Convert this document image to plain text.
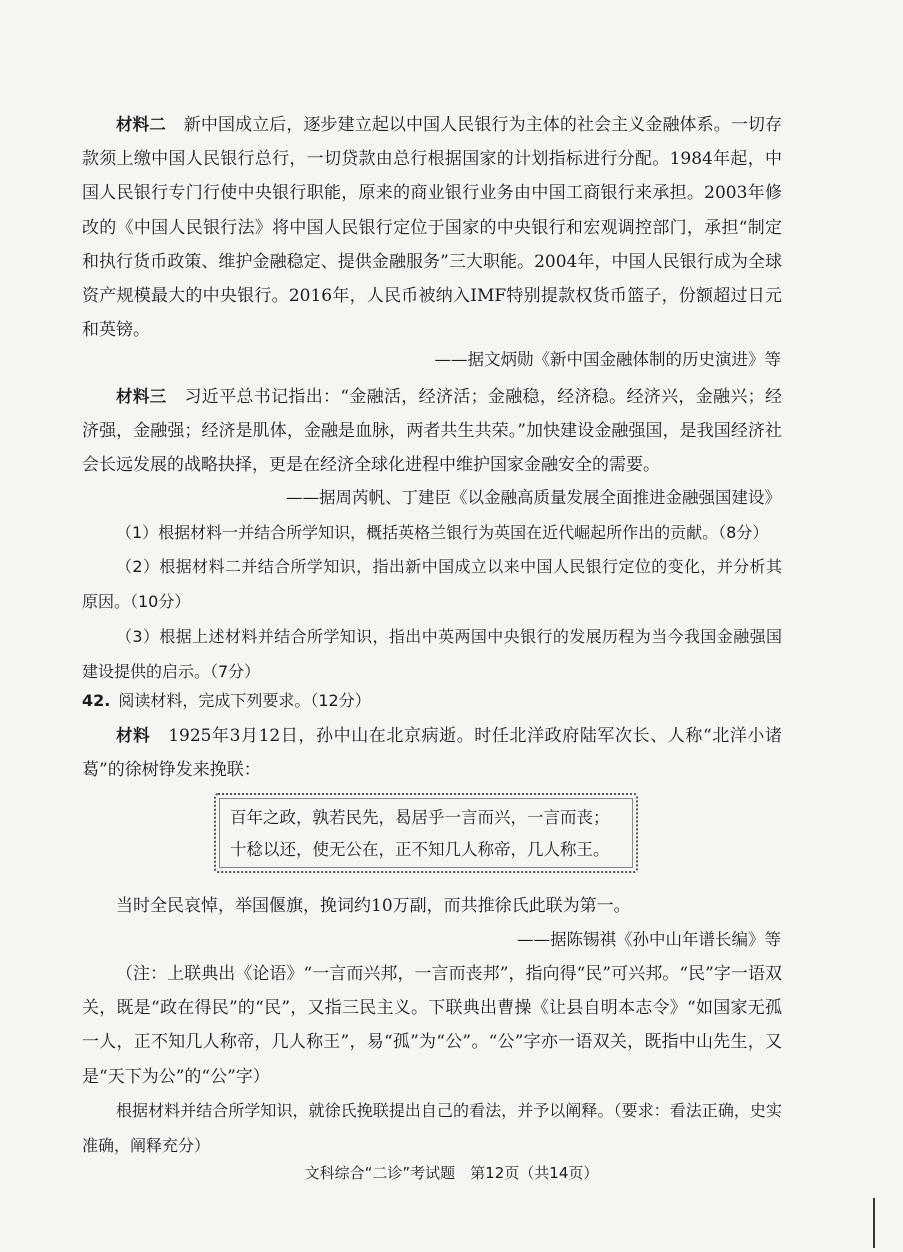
材料二 新中国成立后，逐步建立起以中国人民银行为主体的社会主义金融体系。一切存款须上缴中国人民银行总行，一切贷款由总行根据国家的计划指标进行分配。1984年起，中国人民银行专门行使中央银行职能，原来的商业银行业务由中国工商银行来承担。2003年修改的《中国人民银行法》将中国人民银行定位于国家的中央银行和宏观调控部门，承担“制定和执行货币政策、维护金融稳定、提供金融服务”三大职能。2004年，中国人民银行成为全球资产规模最大的中央银行。2016年，人民币被纳入IMF特别提款权货币篮子，份额超过日元和英镑。

——据文炳勋《新中国金融体制的历史演进》等

材料三 习近平总书记指出：“金融活，经济活；金融稳，经济稳。经济兴，金融兴；经济强，金融强；经济是肌体，金融是血脉，两者共生共荣。”加快建设金融强国，是我国经济社会长远发展的战略抉择，更是在经济全球化进程中维护国家金融安全的需要。

——据周芮帆、丁建臣《以金融高质量发展全面推进金融强国建设》

（1）根据材料一并结合所学知识，概括英格兰银行为英国在近代崛起所作出的贡献。（8分）

（2）根据材料二并结合所学知识，指出新中国成立以来中国人民银行定位的变化，并分析其原因。（10分）

（3）根据上述材料并结合所学知识，指出中英两国中央银行的发展历程为当今我国金融强国建设提供的启示。（7分）

42. 阅读材料，完成下列要求。（12分）

材料 1925年3月12日，孙中山在北京病逝。时任北洋政府陆军次长、人称“北洋小诸葛”的徐树铮发来挽联：

百年之政，孰若民先，曷居乎一言而兴，一言而丧；
十稔以还，使无公在，正不知几人称帝，几人称王。

当时全民哀悼，举国偃旗，挽词约10万副，而共推徐氏此联为第一。

——据陈锡祺《孙中山年谱长编》等

（注：上联典出《论语》“一言而兴邦，一言而丧邦”，指向得“民”可兴邦。“民”字一语双关，既是“政在得民”的“民”，又指三民主义。下联典出曹操《让县自明本志令》“如国家无孤一人，正不知几人称帝，几人称王”，易“孤”为“公”。“公”字亦一语双关，既指中山先生，又是“天下为公”的“公”字）

根据材料并结合所学知识，就徐氏挽联提出自己的看法，并予以阐释。（要求：看法正确，史实准确，阐释充分）

文科综合“二诊”考试题　第12页（共14页）
